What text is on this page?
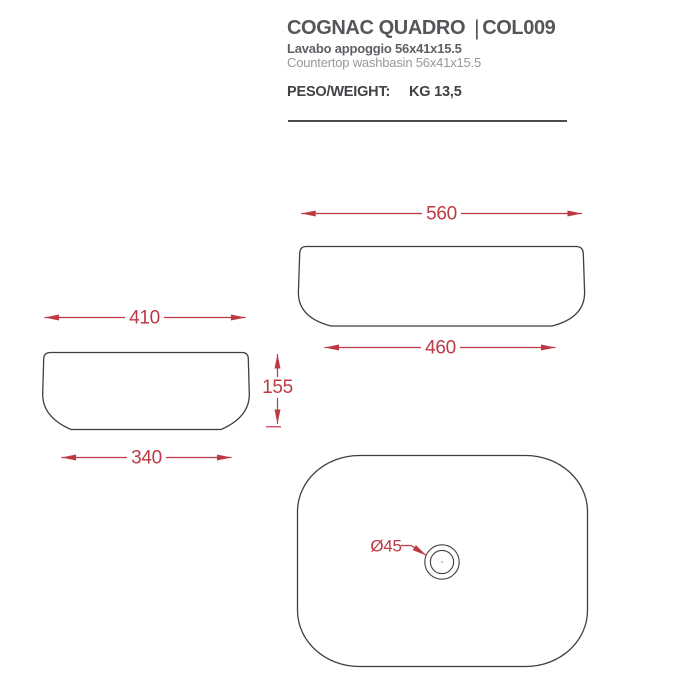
COGNAC QUADRO | COL009
Lavabo appoggio 56x41x15.5
Countertop washbasin 56x41x15.5
PESO/WEIGHT: KG 13,5
560
460
410
155
340
Ø45
